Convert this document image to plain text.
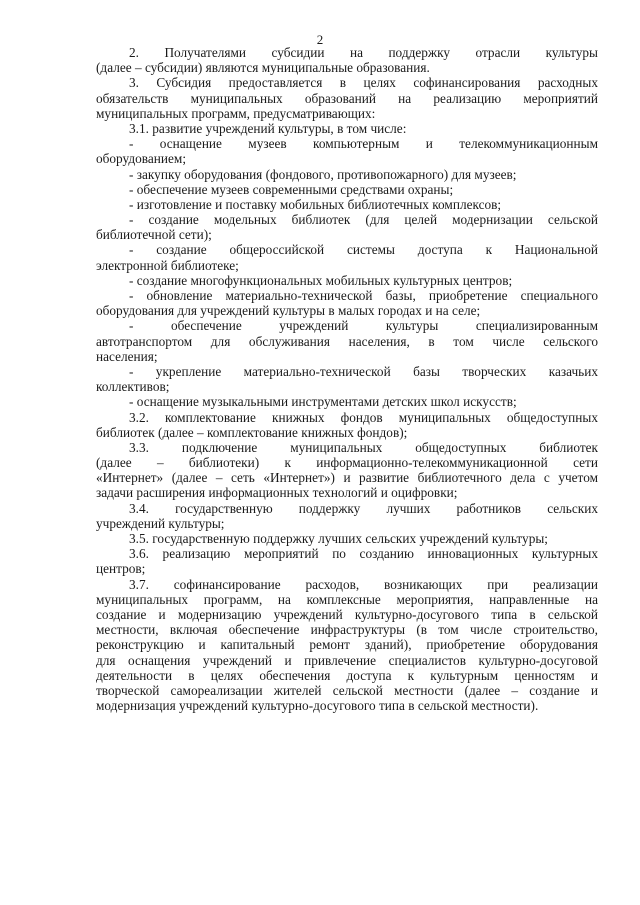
2
2. Получателями субсидии на поддержку отрасли культуры
(далее – субсидии) являются муниципальные образования.
3. Субсидия предоставляется в целях софинансирования расходных
обязательств муниципальных образований на реализацию мероприятий
муниципальных программ, предусматривающих:
3.1. развитие учреждений культуры, в том числе:
- оснащение музеев компьютерным и телекоммуникационным
оборудованием;
- закупку оборудования (фондового, противопожарного) для музеев;
- обеспечение музеев современными средствами охраны;
- изготовление и поставку мобильных библиотечных комплексов;
- создание модельных библиотек (для целей модернизации сельской
библиотечной сети);
- создание общероссийской системы доступа к Национальной
электронной библиотеке;
- создание многофункциональных мобильных культурных центров;
- обновление материально-технической базы, приобретение специального
оборудования для учреждений культуры в малых городах и на селе;
- обеспечение учреждений культуры специализированным
автотранспортом для обслуживания населения, в том числе сельского
населения;
- укрепление материально-технической базы творческих казачьих
коллективов;
- оснащение музыкальными инструментами детских школ искусств;
3.2. комплектование книжных фондов муниципальных общедоступных
библиотек (далее – комплектование книжных фондов);
3.3. подключение муниципальных общедоступных библиотек
(далее – библиотеки) к информационно-телекоммуникационной сети
«Интернет» (далее – сеть «Интернет») и развитие библиотечного дела с учетом
задачи расширения информационных технологий и оцифровки;
3.4. государственную поддержку лучших работников сельских
учреждений культуры;
3.5. государственную поддержку лучших сельских учреждений культуры;
3.6. реализацию мероприятий по созданию инновационных культурных
центров;
3.7. софинансирование расходов, возникающих при реализации
муниципальных программ, на комплексные мероприятия, направленные на
создание и модернизацию учреждений культурно-досугового типа в сельской
местности, включая обеспечение инфраструктуры (в том числе строительство,
реконструкцию и капитальный ремонт зданий), приобретение оборудования
для оснащения учреждений и привлечение специалистов культурно-досуговой
деятельности в целях обеспечения доступа к культурным ценностям и
творческой самореализации жителей сельской местности (далее – создание и
модернизация учреждений культурно-досугового типа в сельской местности).
